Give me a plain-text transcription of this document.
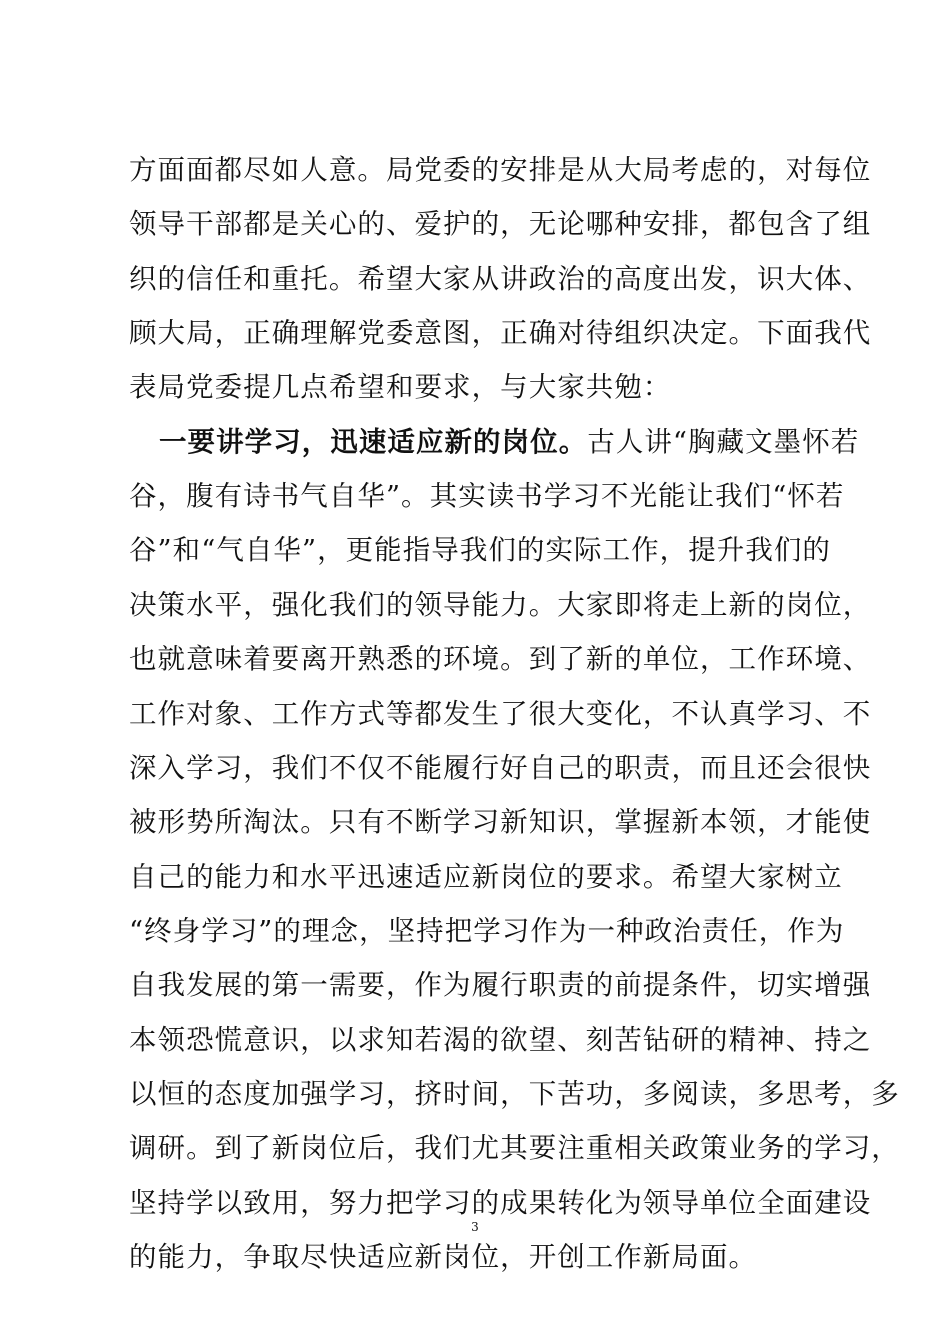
方面面都尽如人意。局党委的安排是从大局考虑的，对每位
领导干部都是关心的、爱护的，无论哪种安排，都包含了组
织的信任和重托。希望大家从讲政治的高度出发，识大体、
顾大局，正确理解党委意图，正确对待组织决定。下面我代
表局党委提几点希望和要求，与大家共勉：
一要讲学习，迅速适应新的岗位。古人讲“胸藏文墨怀若
谷，腹有诗书气自华”。其实读书学习不光能让我们“怀若
谷”和“气自华”，更能指导我们的实际工作，提升我们的
决策水平，强化我们的领导能力。大家即将走上新的岗位，
也就意味着要离开熟悉的环境。到了新的单位，工作环境、
工作对象、工作方式等都发生了很大变化，不认真学习、不
深入学习，我们不仅不能履行好自己的职责，而且还会很快
被形势所淘汰。只有不断学习新知识，掌握新本领，才能使
自己的能力和水平迅速适应新岗位的要求。希望大家树立
“终身学习”的理念，坚持把学习作为一种政治责任，作为
自我发展的第一需要，作为履行职责的前提条件，切实增强
本领恐慌意识，以求知若渴的欲望、刻苦钻研的精神、持之
以恒的态度加强学习，挤时间，下苦功，多阅读，多思考，多
调研。到了新岗位后，我们尤其要注重相关政策业务的学习，
坚持学以致用，努力把学习的成果转化为领导单位全面建设
的能力，争取尽快适应新岗位，开创工作新局面。
3
